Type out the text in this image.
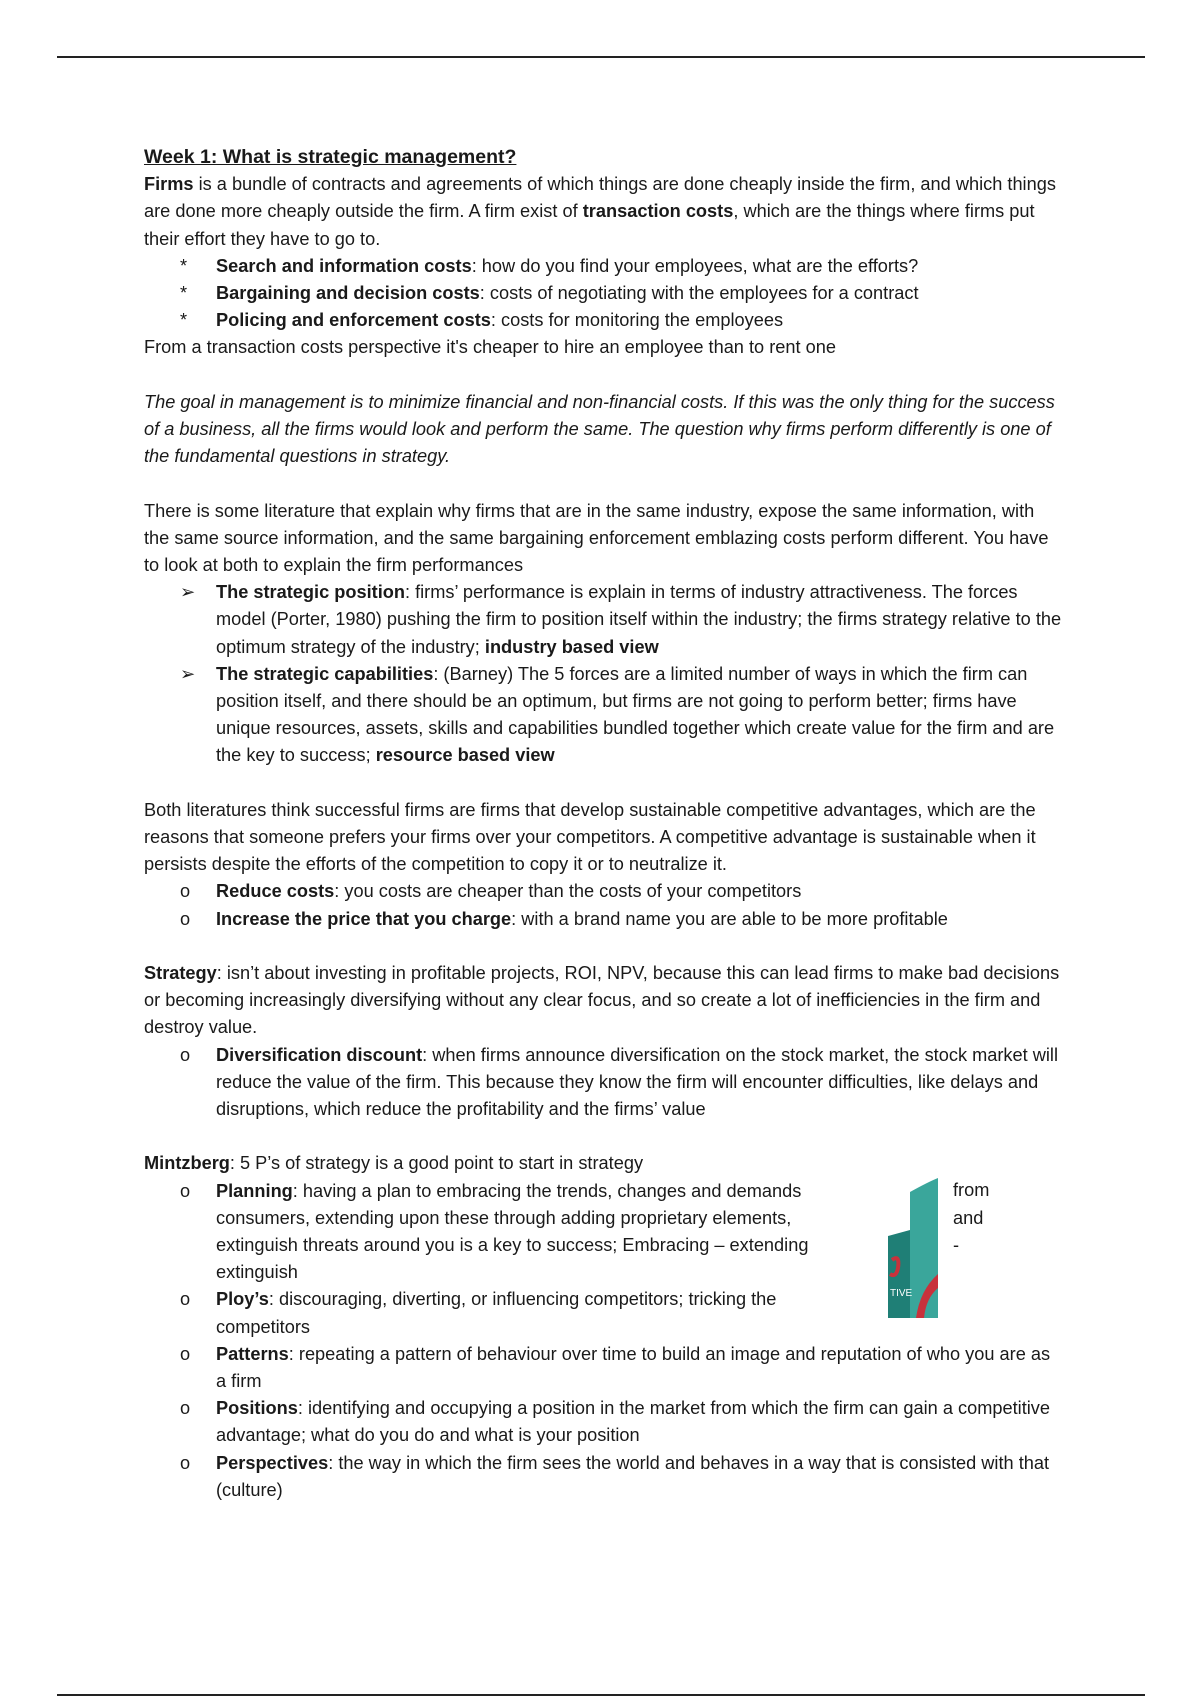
Week 1: What is strategic management?

Firms is a bundle of contracts and agreements of which things are done cheaply inside the firm, and which things are done more cheaply outside the firm. A firm exist of transaction costs, which are the things where firms put their effort they have to go to.

*	Search and information costs: how do you find your employees, what are the efforts?
*	Bargaining and decision costs: costs of negotiating with the employees for a contract
*	Policing and enforcement costs: costs for monitoring the employees

From a transaction costs perspective it's cheaper to hire an employee than to rent one

The goal in management is to minimize financial and non-financial costs. If this was the only thing for the success of a business, all the firms would look and perform the same. The question why firms perform differently is one of the fundamental questions in strategy.

There is some literature that explain why firms that are in the same industry, expose the same information, with the same source information, and the same bargaining enforcement emblazing costs perform different. You have to look at both to explain the firm performances

➢ The strategic position: firms’ performance is explain in terms of industry attractiveness. The forces model (Porter, 1980) pushing the firm to position itself within the industry; the firms strategy relative to the optimum strategy of the industry; industry based view
➢ The strategic capabilities: (Barney) The 5 forces are a limited number of ways in which the firm can position itself, and there should be an optimum, but firms are not going to perform better; firms have unique resources, assets, skills and capabilities bundled together which create value for the firm and are the key to success; resource based view

Both literatures think successful firms are firms that develop sustainable competitive advantages, which are the reasons that someone prefers your firms over your competitors. A competitive advantage is sustainable when it persists despite the efforts of the competition to copy it or to neutralize it.

o	Reduce costs: you costs are cheaper than the costs of your competitors
o	Increase the price that you charge: with a brand name you are able to be more profitable

Strategy: isn’t about investing in profitable projects, ROI, NPV, because this can lead firms to make bad decisions or becoming increasingly diversifying without any clear focus, and so create a lot of inefficiencies in the firm and destroy value.

o	Diversification discount: when firms announce diversification on the stock market, the stock market will reduce the value of the firm. This because they know the firm will encounter difficulties, like delays and disruptions, which reduce the profitability and the firms’ value

Mintzberg: 5 P’s of strategy is a good point to start in strategy

TIVE
from
and
-
o	Planning: having a plan to embracing the trends, changes and demands consumers, extending upon these through adding proprietary elements, extinguish threats around you is a key to success; Embracing – extending extinguish
o	Ploy’s: discouraging, diverting, or influencing competitors; tricking the competitors
o	Patterns: repeating a pattern of behaviour over time to build an image and reputation of who you are as a firm
o	Positions: identifying and occupying a position in the market from which the firm can gain a competitive advantage; what do you do and what is your position
o	Perspectives: the way in which the firm sees the world and behaves in a way that is consisted with that (culture)
